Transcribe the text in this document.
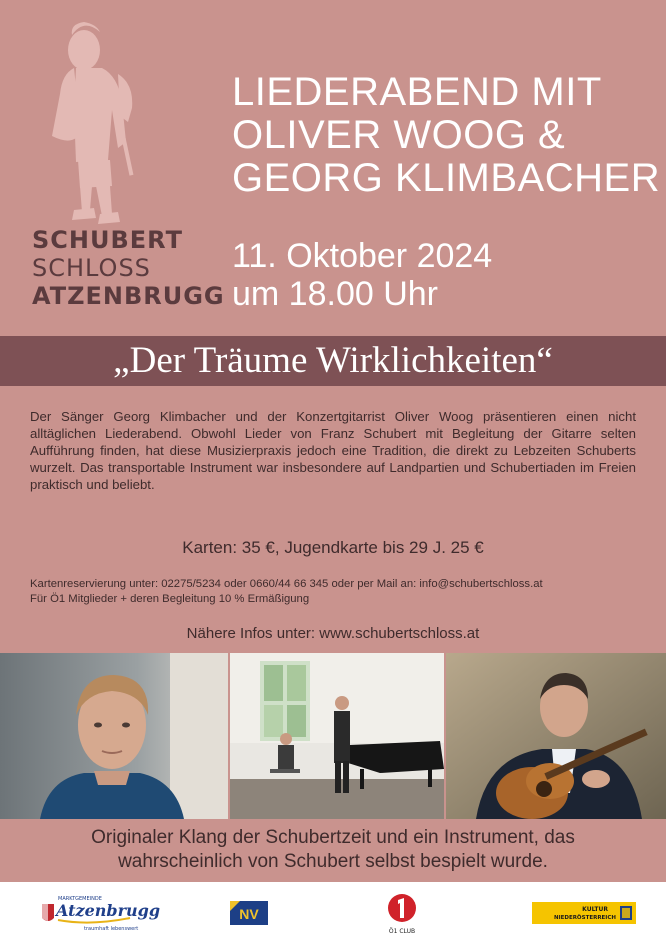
SCHUBERT
SCHLOSS
ATZENBRUGG
LIEDERABEND MIT
OLIVER WOOG &
GEORG KLIMBACHER
11. Oktober 2024
um 18.00 Uhr
„Der Träume Wirklichkeiten“

Der Sänger Georg Klimbacher und der Konzertgitarrist Oliver Woog präsentieren einen nicht alltäglichen Liederabend. Obwohl Lieder von Franz Schubert mit Begleitung der Gitarre selten Aufführung finden, hat diese Musizierpraxis jedoch eine Tradition, die direkt zu Lebzeiten Schuberts wurzelt. Das transportable Instrument war insbesondere auf Landpartien und Schubertiaden im Freien praktisch und beliebt.

Karten: 35 €, Jugendkarte bis 29 J. 25 €
Kartenreservierung unter: 02275/5234 oder 0660/44 66 345 oder per Mail an: info@schubertschloss.at
Für Ö1 Mitglieder + deren Begleitung 10 % Ermäßigung
Nähere Infos unter: www.schubertschloss.at
Originaler Klang der Schubertzeit und ein Instrument, das
wahrscheinlich von Schubert selbst bespielt wurde.
MARKTGEMEINDE
Atzenbrugg
traumhaft lebenswert
NV
Ö1 CLUB
KULTUR
NIEDERÖSTERREICH
